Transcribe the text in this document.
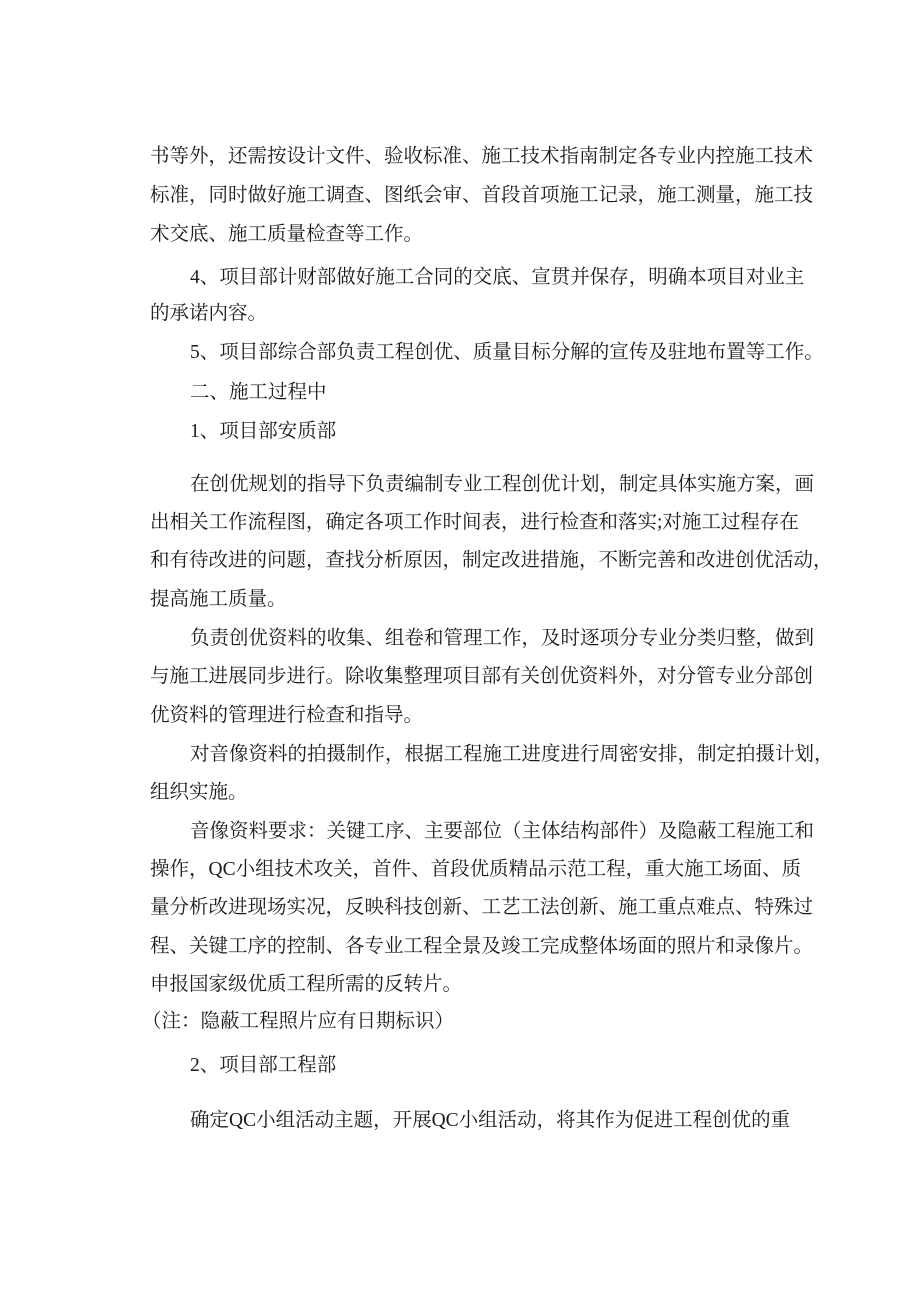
书等外，还需按设计文件、验收标准、施工技术指南制定各专业内控施工技术
标准，同时做好施工调查、图纸会审、首段首项施工记录，施工测量，施工技
术交底、施工质量检查等工作。
4、项目部计财部做好施工合同的交底、宣贯并保存，明确本项目对业主
的承诺内容。
5、项目部综合部负责工程创优、质量目标分解的宣传及驻地布置等工作。
二、施工过程中
1、项目部安质部
在创优规划的指导下负责编制专业工程创优计划，制定具体实施方案，画
出相关工作流程图，确定各项工作时间表，进行检查和落实;对施工过程存在
和有待改进的问题，查找分析原因，制定改进措施，不断完善和改进创优活动，
提高施工质量。
负责创优资料的收集、组卷和管理工作，及时逐项分专业分类归整，做到
与施工进展同步进行。除收集整理项目部有关创优资料外，对分管专业分部创
优资料的管理进行检查和指导。
对音像资料的拍摄制作，根据工程施工进度进行周密安排，制定拍摄计划，
组织实施。
音像资料要求：关键工序、主要部位（主体结构部件）及隐蔽工程施工和
操作，QC小组技术攻关，首件、首段优质精品示范工程，重大施工场面、质
量分析改进现场实况，反映科技创新、工艺工法创新、施工重点难点、特殊过
程、关键工序的控制、各专业工程全景及竣工完成整体场面的照片和录像片。
申报国家级优质工程所需的反转片。
（注：隐蔽工程照片应有日期标识）
2、项目部工程部
确定QC小组活动主题，开展QC小组活动，将其作为促进工程创优的重
